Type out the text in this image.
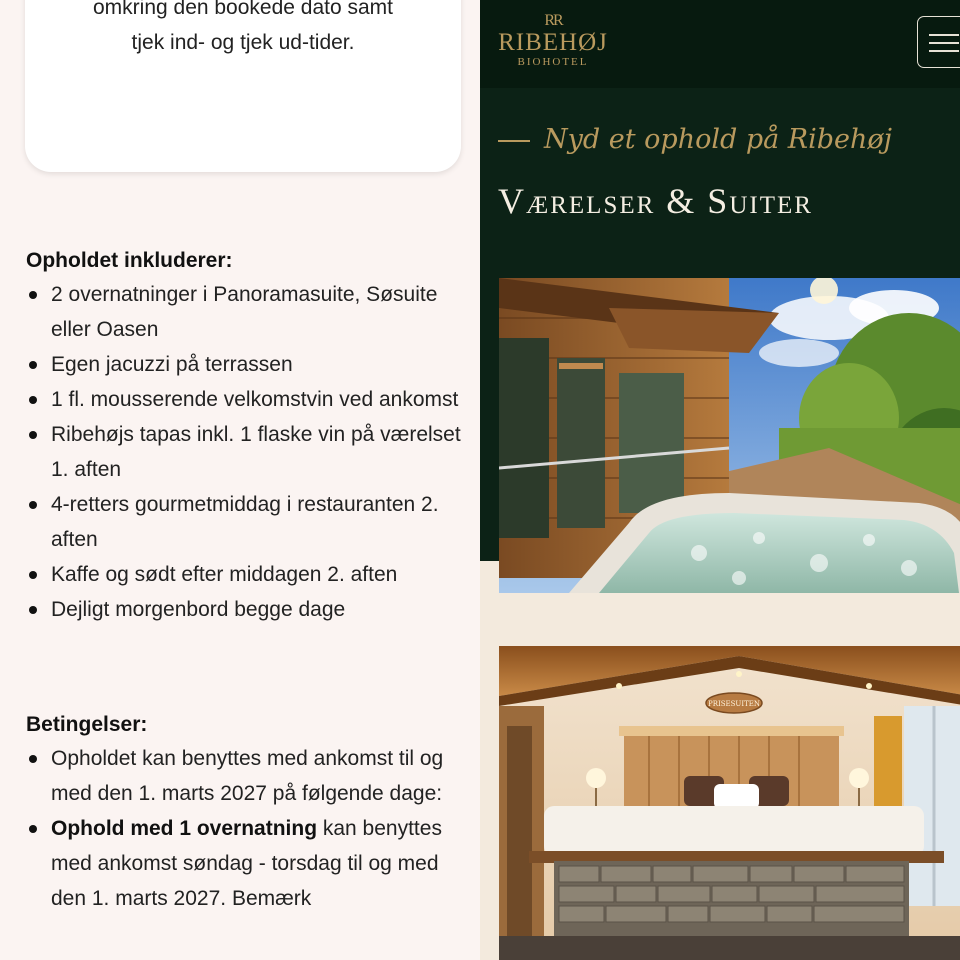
omkring den bookede dato samt tjek ind- og tjek ud-tider.
Opholdet inkluderer:
2 overnatninger i Panoramasuite, Søsuite eller Oasen
Egen jacuzzi på terrassen
1 fl. mousserende velkomstvin ved ankomst
Ribehøjs tapas inkl. 1 flaske vin på værelset 1. aften
4-retters gourmetmiddag i restauranten 2. aften
Kaffe og sødt efter middagen 2. aften
Dejligt morgenbord begge dage
Betingelser:
Opholdet kan benyttes med ankomst til og med den 1. marts 2027 på følgende dage:
Ophold med 1 overnatning kan benyttes med ankomst søndag - torsdag til og med den 1. marts 2027. Bemærk
RR
RIBEHØJ
BIOHOTEL
Nyd et ophold på Ribehøj
Værelser & Suiter
PRISESUITEN
